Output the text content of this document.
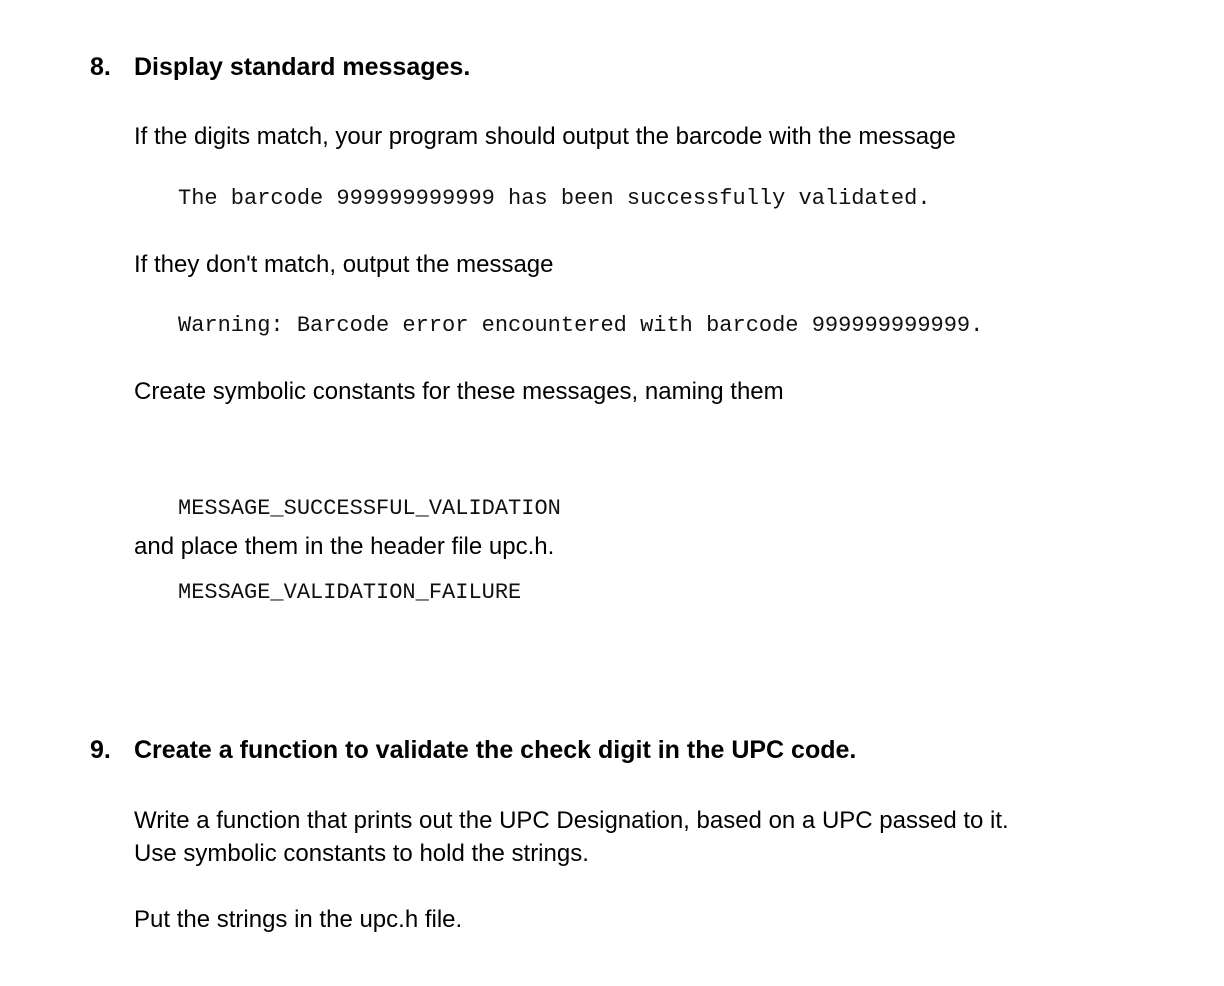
8. Display standard messages.
If the digits match, your program should output the barcode with the message
The barcode 999999999999 has been successfully validated.
If they don't match, output the message
Warning: Barcode error encountered with barcode 999999999999.
Create symbolic constants for these messages, naming them

MESSAGE_SUCCESSFUL_VALIDATION

MESSAGE_VALIDATION_FAILURE

and place them in the header file upc.h.
9. Create a function to validate the check digit in the UPC code.
Write a function that prints out the UPC Designation, based on a UPC passed to it.
Use symbolic constants to hold the strings.
Put the strings in the upc.h file.
